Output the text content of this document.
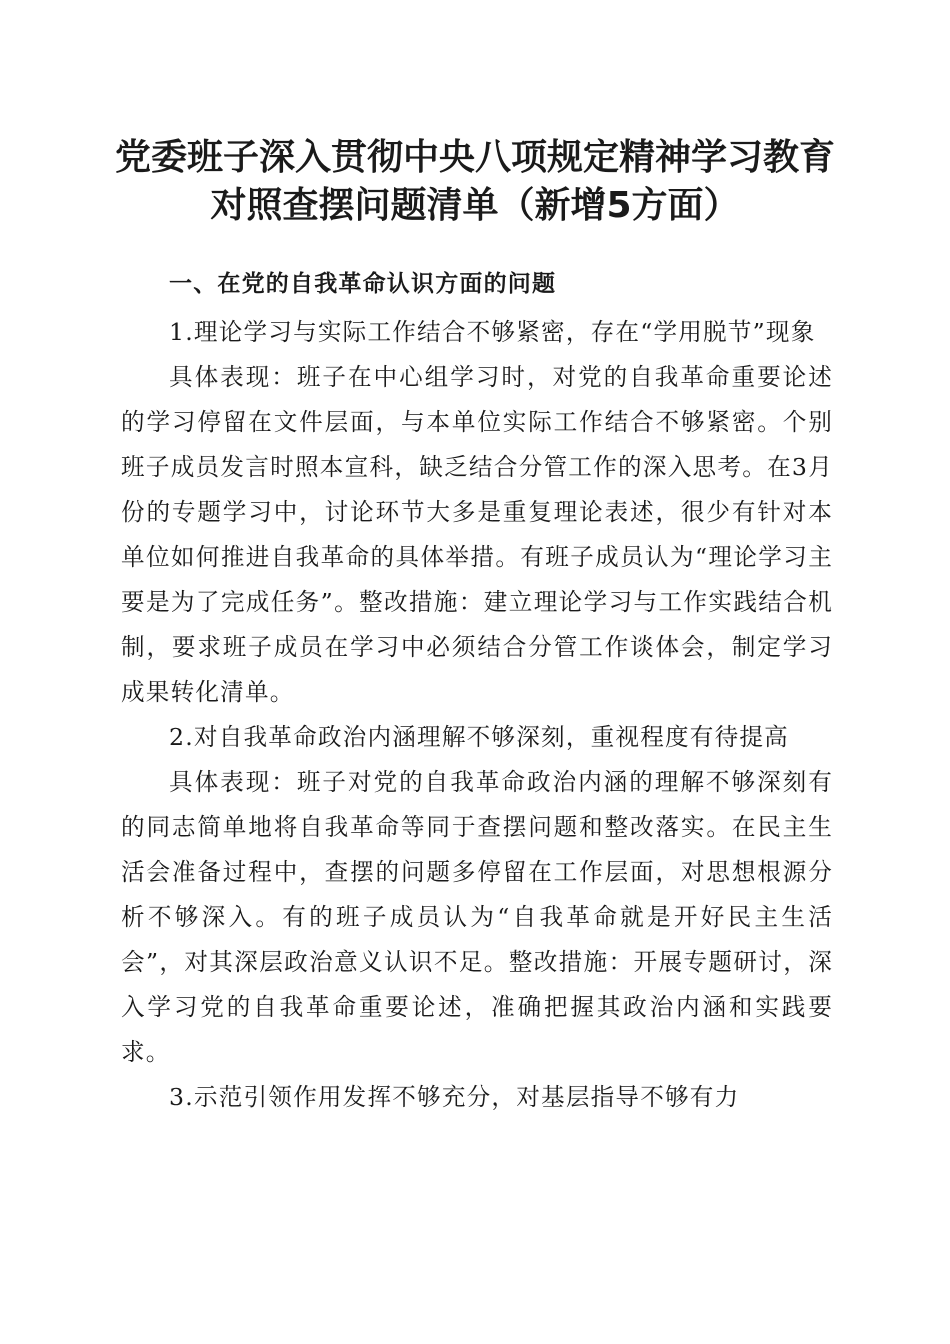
党委班子深入贯彻中央八项规定精神学习教育
对照查摆问题清单（新增5方面）

一、在党的自我革命认识方面的问题

1.理论学习与实际工作结合不够紧密，存在“学用脱节”现象

具体表现：班子在中心组学习时，对党的自我革命重要论述的学习停留在文件层面，与本单位实际工作结合不够紧密。个别班子成员发言时照本宣科，缺乏结合分管工作的深入思考。在3月份的专题学习中，讨论环节大多是重复理论表述，很少有针对本单位如何推进自我革命的具体举措。有班子成员认为“理论学习主要是为了完成任务”。整改措施：建立理论学习与工作实践结合机制，要求班子成员在学习中必须结合分管工作谈体会，制定学习成果转化清单。

2.对自我革命政治内涵理解不够深刻，重视程度有待提高

具体表现：班子对党的自我革命政治内涵的理解不够深刻有的同志简单地将自我革命等同于查摆问题和整改落实。在民主生活会准备过程中，查摆的问题多停留在工作层面，对思想根源分析不够深入。有的班子成员认为“自我革命就是开好民主生活会”，对其深层政治意义认识不足。整改措施：开展专题研讨，深入学习党的自我革命重要论述，准确把握其政治内涵和实践要求。

3.示范引领作用发挥不够充分，对基层指导不够有力
